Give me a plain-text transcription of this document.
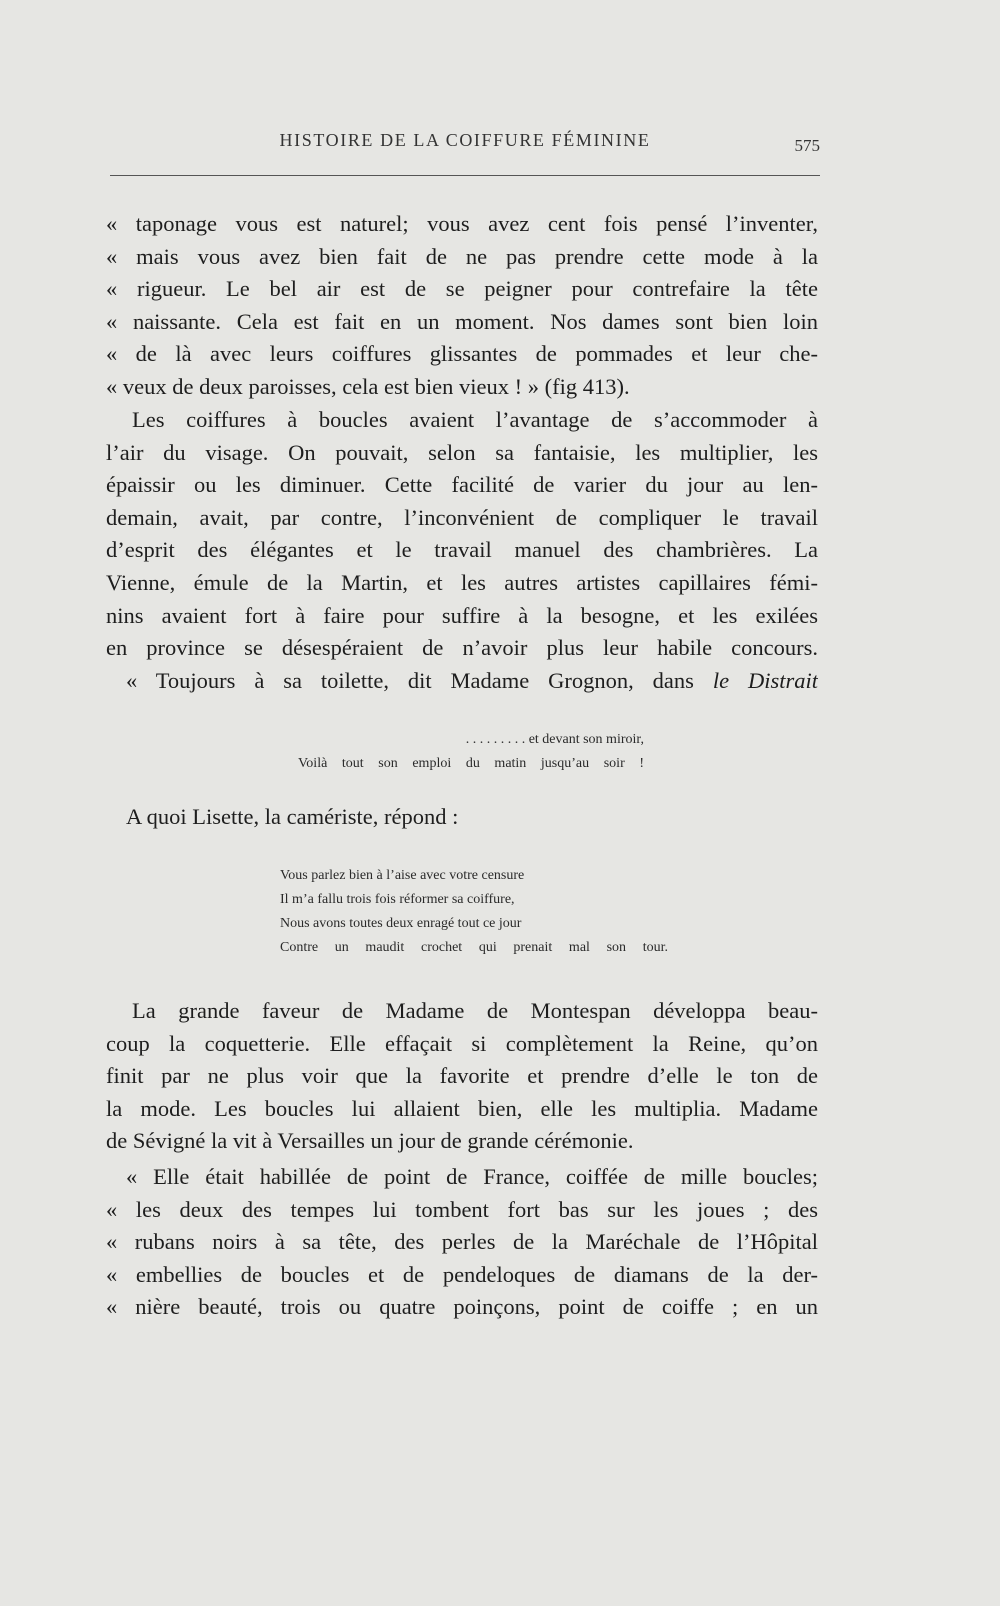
HISTOIRE DE LA COIFFURE FÉMININE	575
« taponage vous est naturel; vous avez cent fois pensé l’inventer,
« mais vous avez bien fait de ne pas prendre cette mode à la
« rigueur. Le bel air est de se peigner pour contrefaire la tête
« naissante. Cela est fait en un moment. Nos dames sont bien loin
« de là avec leurs coiffures glissantes de pommades et leur che-
« veux de deux paroisses, cela est bien vieux ! » (fig 413).
Les coiffures à boucles avaient l’avantage de s’accommoder à
l’air du visage. On pouvait, selon sa fantaisie, les multiplier, les
épaissir ou les diminuer. Cette facilité de varier du jour au len-
demain, avait, par contre, l’inconvénient de compliquer le travail
d’esprit des élégantes et le travail manuel des chambrières. La
Vienne, émule de la Martin, et les autres artistes capillaires fémi-
nins avaient fort à faire pour suffire à la besogne, et les exilées
en province se désespéraient de n’avoir plus leur habile concours.
« Toujours à sa toilette, dit Madame Grognon, dans le Distrait
. . . . . . . . . et devant son miroir,
Voilà tout son emploi du matin jusqu’au soir !
A quoi Lisette, la camériste, répond :
Vous parlez bien à l’aise avec votre censure
Il m’a fallu trois fois réformer sa coiffure,
Nous avons toutes deux enragé tout ce jour
Contre un maudit crochet qui prenait mal son tour.
La grande faveur de Madame de Montespan développa beau-
coup la coquetterie. Elle effaçait si complètement la Reine, qu’on
finit par ne plus voir que la favorite et prendre d’elle le ton de
la mode. Les boucles lui allaient bien, elle les multiplia. Madame
de Sévigné la vit à Versailles un jour de grande cérémonie.
« Elle était habillée de point de France, coiffée de mille boucles;
« les deux des tempes lui tombent fort bas sur les joues ; des
« rubans noirs à sa tête, des perles de la Maréchale de l’Hôpital
« embellies de boucles et de pendeloques de diamans de la der-
« nière beauté, trois ou quatre poinçons, point de coiffe ; en un
